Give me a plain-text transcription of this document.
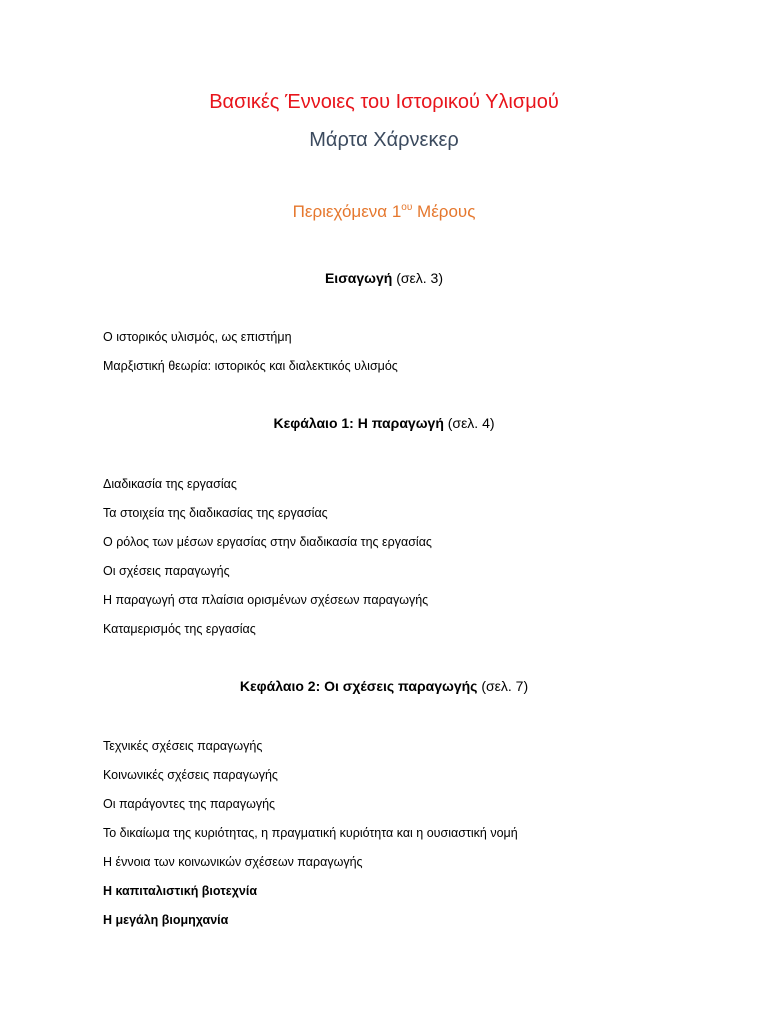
Βασικές Έννοιες του Ιστορικού Υλισμού
Μάρτα Χάρνεκερ
Περιεχόμενα $1^{o\upsilon}$ Μέρους
Εισαγωγή (σελ. 3)
Ο ιστορικός υλισμός, ως επιστήμη
Μαρξιστική θεωρία: ιστορικός και διαλεκτικός υλισμός
Κεφάλαιο 1: Η παραγωγή (σελ. 4)
Διαδικασία της εργασίας
Τα στοιχεία της διαδικασίας της εργασίας
Ο ρόλος των μέσων εργασίας στην διαδικασία της εργασίας
Οι σχέσεις παραγωγής
Η παραγωγή στα πλαίσια ορισμένων σχέσεων παραγωγής
Καταμερισμός της εργασίας
Κεφάλαιο 2: Οι σχέσεις παραγωγής (σελ. 7)
Τεχνικές σχέσεις παραγωγής
Κοινωνικές σχέσεις παραγωγής
Οι παράγοντες της παραγωγής
Το δικαίωμα της κυριότητας, η πραγματική κυριότητα και η ουσιαστική νομή
Η έννοια των κοινωνικών σχέσεων παραγωγής
Η καπιταλιστική βιοτεχνία
Η μεγάλη βιομηχανία
